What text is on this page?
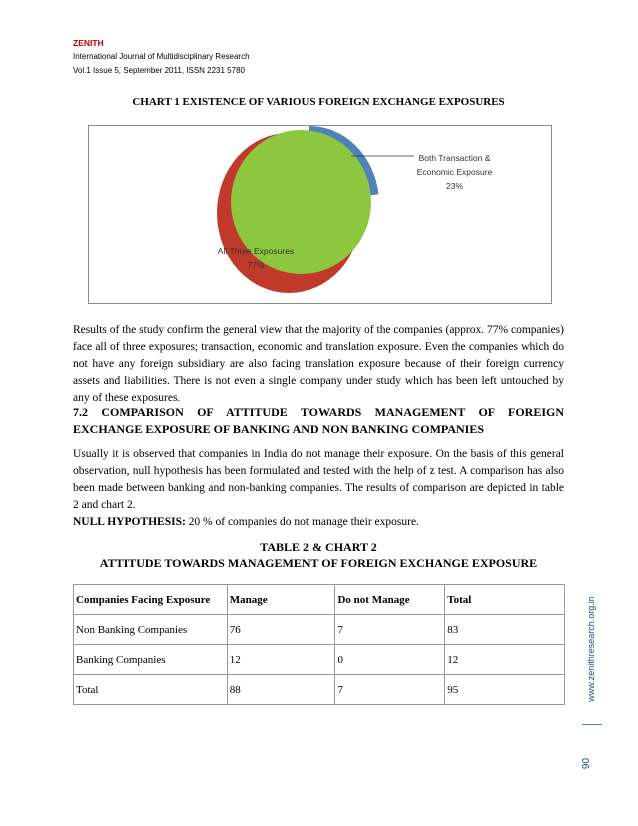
ZENITH
International Journal of Multidisciplinary Research
Vol.1 Issue 5, September 2011, ISSN 2231 5780
CHART 1 EXISTENCE OF VARIOUS FOREIGN EXCHANGE EXPOSURES
Both Transaction &
Economic Exposure
23%
All Three Exposures
77%
Results of the study confirm the general view that the majority of the companies (approx. 77% companies) face all of three exposures; transaction, economic and translation exposure. Even the companies which do not have any foreign subsidiary are also facing translation exposure because of their foreign currency assets and liabilities. There is not even a single company under study which has been left untouched by any of these exposures.
7.2 COMPARISON OF ATTITUDE TOWARDS MANAGEMENT OF FOREIGN EXCHANGE EXPOSURE OF BANKING AND NON BANKING COMPANIES
Usually it is observed that companies in India do not manage their exposure. On the basis of this general observation, null hypothesis has been formulated and tested with the help of z test. A comparison has also been made between banking and non-banking companies. The results of comparison are depicted in table 2 and chart 2.
NULL HYPOTHESIS: 20 % of companies do not manage their exposure.
TABLE 2 & CHART 2
ATTITUDE TOWARDS MANAGEMENT OF FOREIGN EXCHANGE EXPOSURE
Companies Facing Exposure	Manage	Do not Manage	Total
Non Banking Companies	76	7	83
Banking Companies	12	0	12
Total	88	7	95	www.zenithresearch.org.in
90
